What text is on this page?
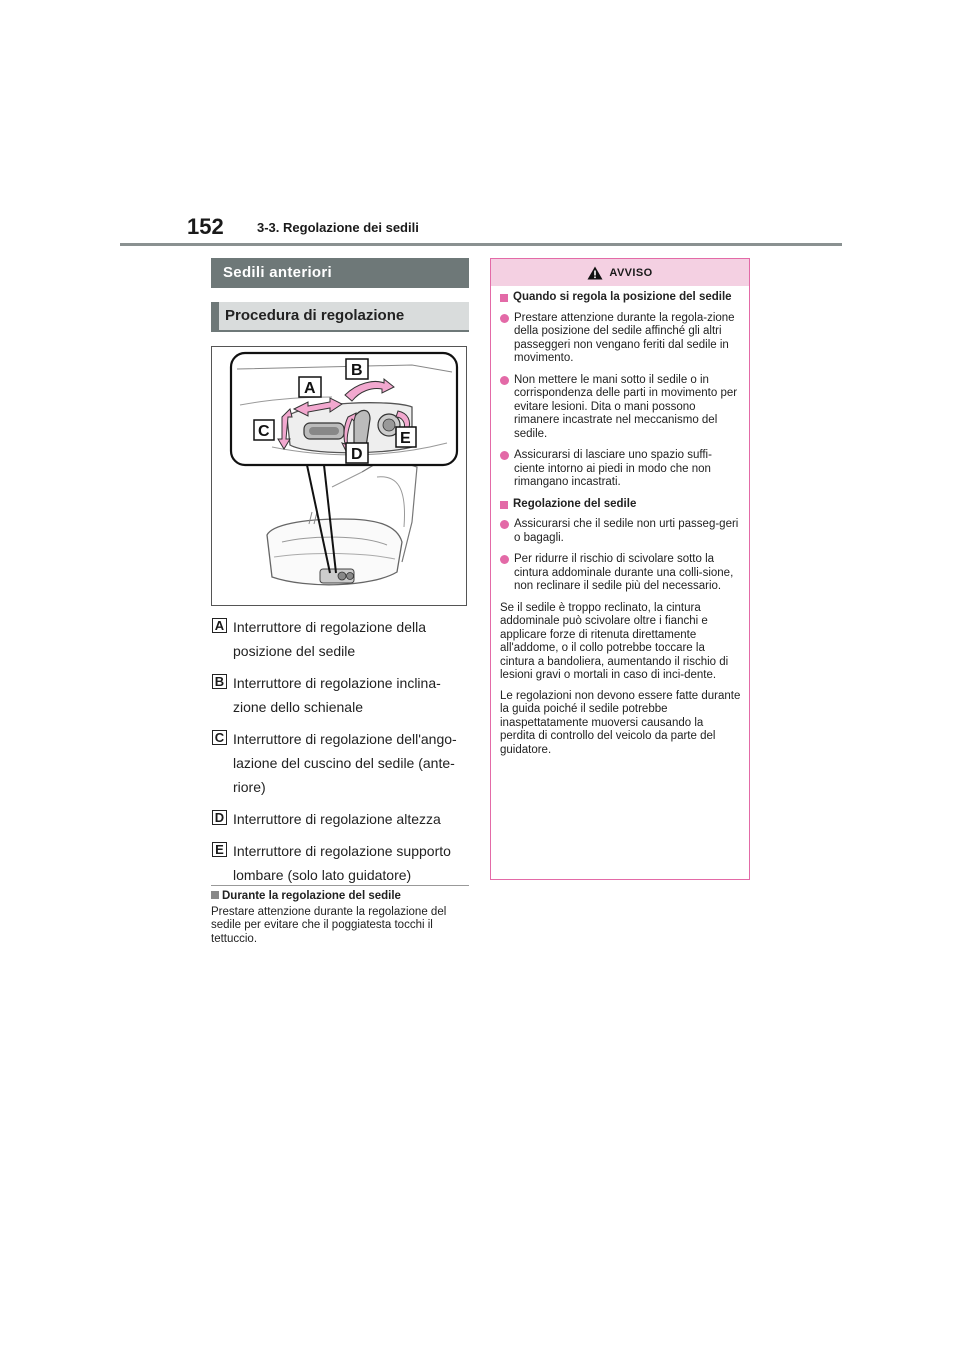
152	3-3. Regolazione dei sedili
Sedili anteriori
Procedura di regolazione
A
B
C
D
E
A Interruttore di regolazione della posizione del sedile
B Interruttore di regolazione inclina-zione dello schienale
C Interruttore di regolazione dell'ango-lazione del cuscino del sedile (ante-riore)
D Interruttore di regolazione altezza
E Interruttore di regolazione supporto lombare (solo lato guidatore)
Durante la regolazione del sedile
Prestare attenzione durante la regolazione del sedile per evitare che il poggiatesta tocchi il tettuccio.
AVVISO
Quando si regola la posizione del sedile
Prestare attenzione durante la regola-zione della posizione del sedile affinché gli altri passeggeri non vengano feriti dal sedile in movimento.
Non mettere le mani sotto il sedile o in corrispondenza delle parti in movimento per evitare lesioni. Dita o mani possono rimanere incastrate nel meccanismo del sedile.
Assicurarsi di lasciare uno spazio suffi-ciente intorno ai piedi in modo che non rimangano incastrati.
Regolazione del sedile
Assicurarsi che il sedile non urti passeg-geri o bagagli.
Per ridurre il rischio di scivolare sotto la cintura addominale durante una colli-sione, non reclinare il sedile più del necessario.
Se il sedile è troppo reclinato, la cintura addominale può scivolare oltre i fianchi e applicare forze di ritenuta direttamente all'addome, o il collo potrebbe toccare la cintura a bandoliera, aumentando il rischio di lesioni gravi o mortali in caso di inci-dente.
Le regolazioni non devono essere fatte durante la guida poiché il sedile potrebbe inaspettatamente muoversi causando la perdita di controllo del veicolo da parte del guidatore.
